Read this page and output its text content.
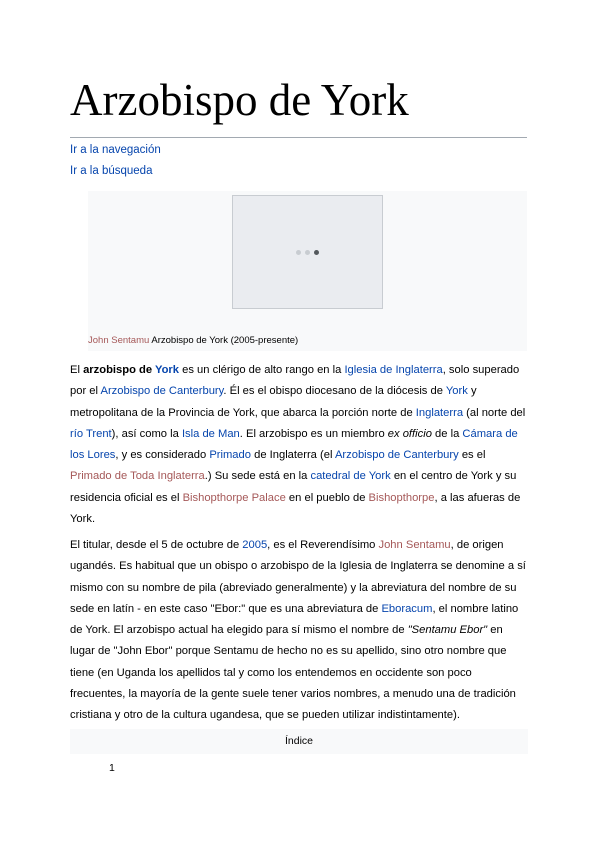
Arzobispo de York
Ir a la navegación
Ir a la búsqueda
John Sentamu Arzobispo de York (2005-presente)

El arzobispo de York es un clérigo de alto rango en la Iglesia de Inglaterra, solo superado por el Arzobispo de Canterbury. Él es el obispo diocesano de la diócesis de York y metropolitana de la Provincia de York, que abarca la porción norte de Inglaterra (al norte del río Trent), así como la Isla de Man. El arzobispo es un miembro ex officio de la Cámara de los Lores, y es considerado Primado de Inglaterra (el Arzobispo de Canterbury es el Primado de Toda Inglaterra.) Su sede está en la catedral de York en el centro de York y su residencia oficial es el Bishopthorpe Palace en el pueblo de Bishopthorpe, a las afueras de York.

El titular, desde el 5 de octubre de 2005, es el Reverendísimo John Sentamu, de origen ugandés. Es habitual que un obispo o arzobispo de la Iglesia de Inglaterra se denomine a sí mismo con su nombre de pila (abreviado generalmente) y la abreviatura del nombre de su sede en latín - en este caso "Ebor:" que es una abreviatura de Eboracum, el nombre latino de York. El arzobispo actual ha elegido para sí mismo el nombre de "Sentamu Ebor" en lugar de "John Ebor" porque Sentamu de hecho no es su apellido, sino otro nombre que tiene (en Uganda los apellidos tal y como los entendemos en occidente son poco frecuentes, la mayoría de la gente suele tener varios nombres, a menudo una de tradición cristiana y otro de la cultura ugandesa, que se pueden utilizar indistintamente).

Índice
1
